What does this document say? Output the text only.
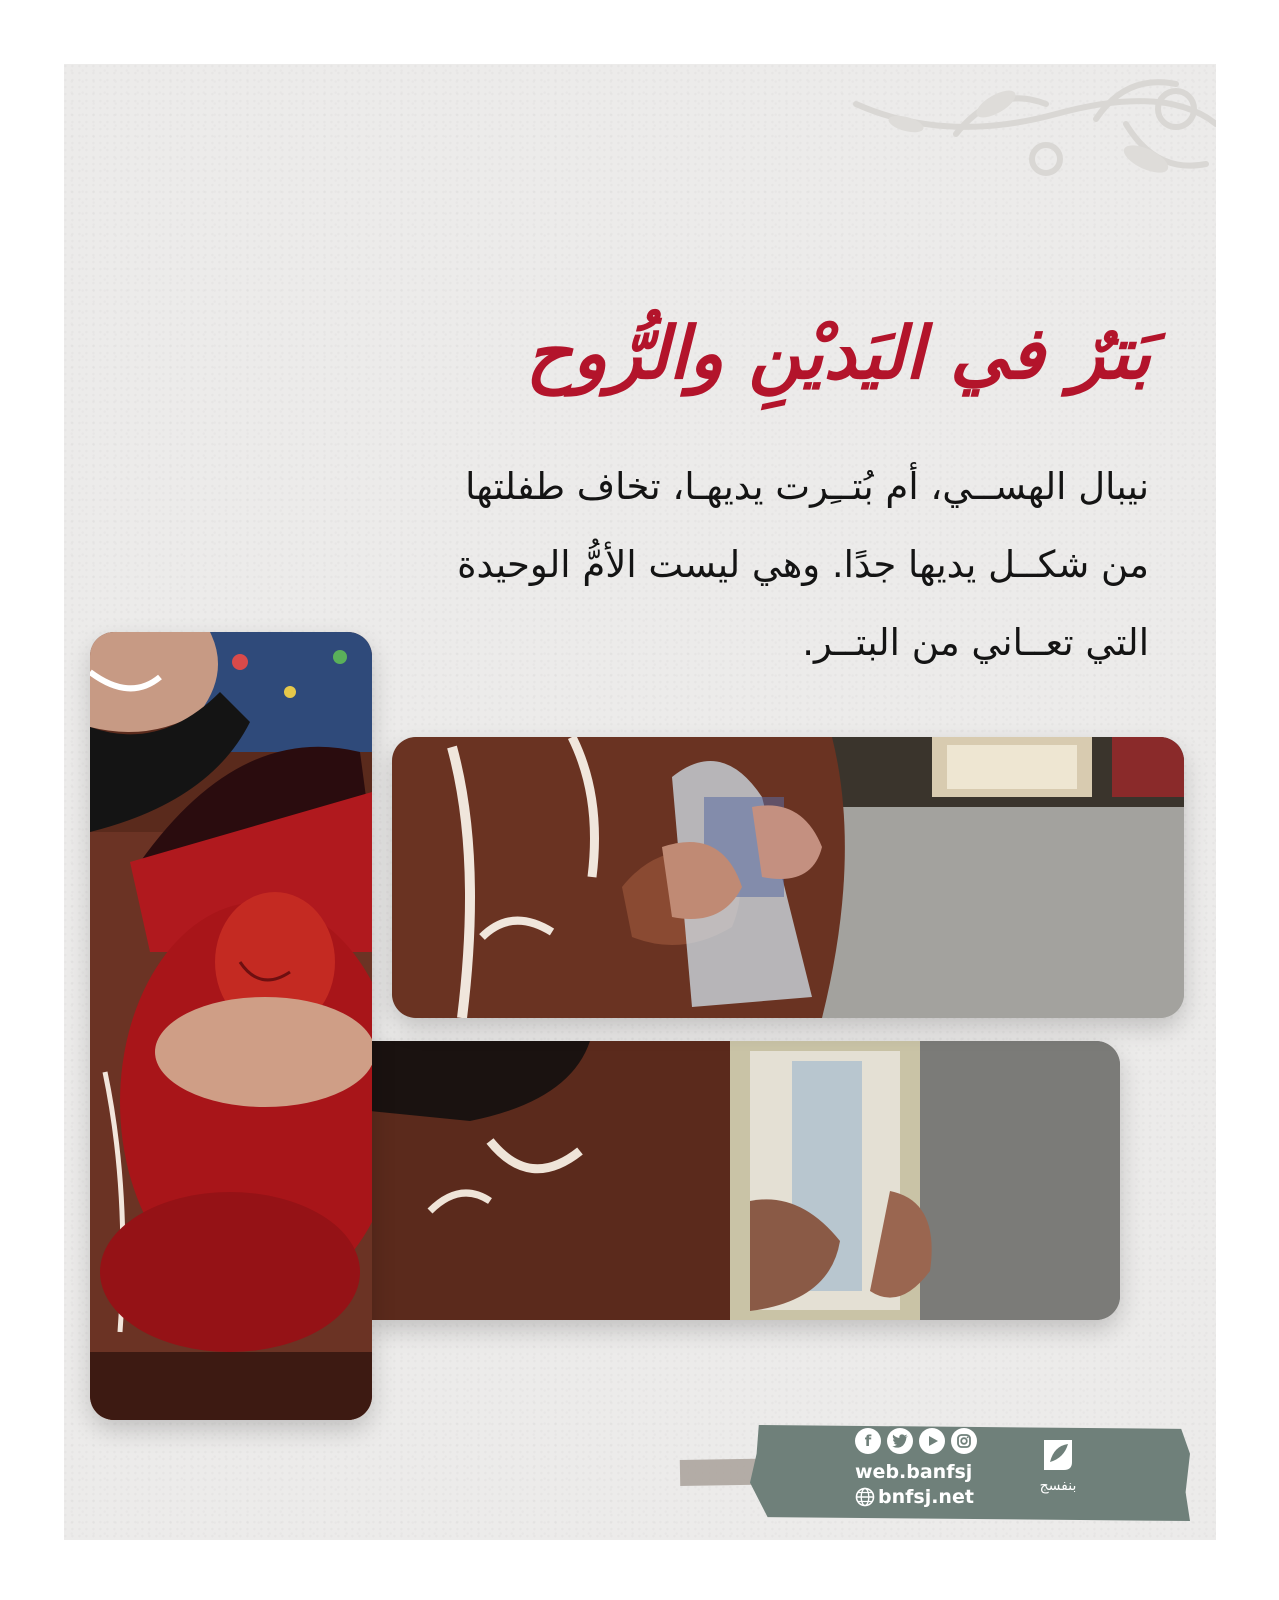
بَترٌ في اليَديْنِ والرُّوح
نيبال الهســي، أم بُتــِرت يديهـا، تخاف طفلتها
من شكــل يديها جدًا. وهي ليست الأمُّ الوحيدة
التي تعــاني من البتــر.
f
web.banfsj
bnfsj.net	بنفسج
